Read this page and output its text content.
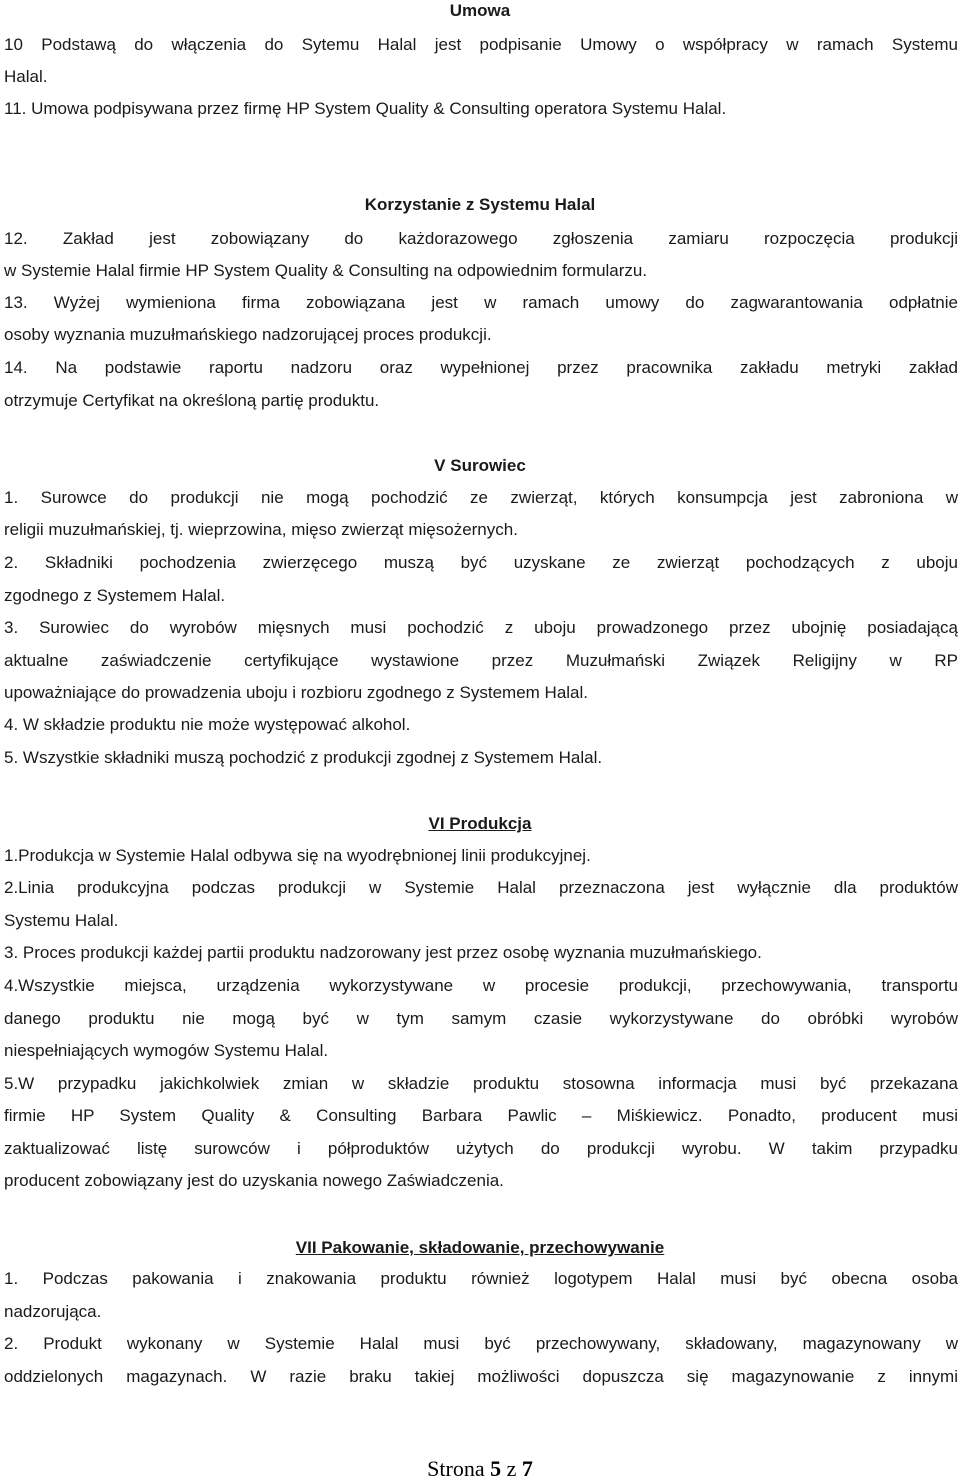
Umowa
10 Podstawą do włączenia do Sytemu Halal jest podpisanie Umowy o współpracy w ramach Systemu
Halal.
11. Umowa podpisywana przez firmę HP System Quality & Consulting operatora Systemu Halal.
Korzystanie z Systemu Halal
12. Zakład jest zobowiązany do każdorazowego zgłoszenia zamiaru rozpoczęcia produkcji
w Systemie Halal firmie HP System Quality & Consulting na odpowiednim formularzu.
13. Wyżej wymieniona firma zobowiązana jest w ramach umowy do zagwarantowania odpłatnie
osoby wyznania muzułmańskiego nadzorującej proces produkcji.
14. Na podstawie raportu nadzoru oraz wypełnionej przez pracownika zakładu metryki zakład
otrzymuje Certyfikat na określoną partię produktu.
V Surowiec
1. Surowce do produkcji nie mogą pochodzić ze zwierząt, których konsumpcja jest zabroniona w
religii muzułmańskiej, tj. wieprzowina, mięso zwierząt mięsożernych.
2. Składniki pochodzenia zwierzęcego muszą być uzyskane ze zwierząt pochodzących z uboju
zgodnego z Systemem Halal.
3. Surowiec do wyrobów mięsnych musi pochodzić z uboju prowadzonego przez ubojnię posiadającą
aktualne zaświadczenie certyfikujące wystawione przez Muzułmański Związek Religijny w RP
upoważniające do prowadzenia uboju i rozbioru zgodnego z Systemem Halal.
4. W składzie produktu nie może występować alkohol.
5. Wszystkie składniki muszą pochodzić z produkcji zgodnej z Systemem Halal.
VI Produkcja
1.Produkcja w Systemie Halal odbywa się na wyodrębnionej linii produkcyjnej.
2.Linia produkcyjna podczas produkcji w Systemie Halal przeznaczona jest wyłącznie dla produktów
Systemu Halal.
3. Proces produkcji każdej partii produktu nadzorowany jest przez osobę wyznania muzułmańskiego.
4.Wszystkie miejsca, urządzenia wykorzystywane w procesie produkcji, przechowywania, transportu
danego produktu nie mogą być w tym samym czasie wykorzystywane do obróbki wyrobów
niespełniających wymogów Systemu Halal.
5.W przypadku jakichkolwiek zmian w składzie produktu stosowna informacja musi być przekazana
firmie HP System Quality & Consulting Barbara Pawlic – Miśkiewicz. Ponadto, producent musi
zaktualizować listę surowców i półproduktów użytych do produkcji wyrobu. W takim przypadku
producent zobowiązany jest do uzyskania nowego Zaświadczenia.
VII Pakowanie, składowanie, przechowywanie
1. Podczas pakowania i znakowania produktu również logotypem Halal musi być obecna osoba
nadzorująca.
2. Produkt wykonany w Systemie Halal musi być przechowywany, składowany, magazynowany w
oddzielonych magazynach. W razie braku takiej możliwości dopuszcza się magazynowanie z innymi
Strona 5 z 7
